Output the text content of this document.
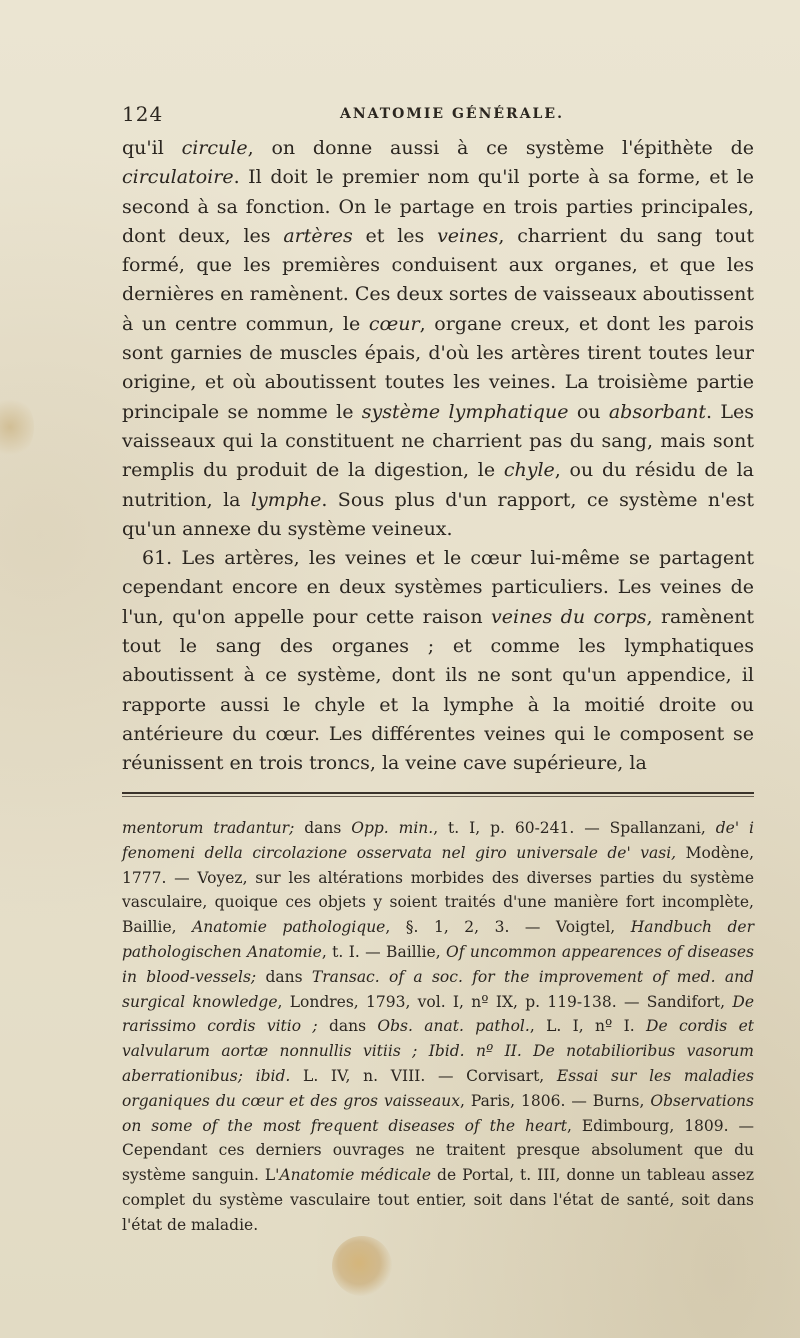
124	ANATOMIE GÉNÉRALE.

qu'il circule, on donne aussi à ce système l'épithète de circulatoire. Il doit le premier nom qu'il porte à sa forme, et le second à sa fonction. On le partage en trois parties principales, dont deux, les artères et les veines, charrient du sang tout formé, que les premières conduisent aux organes, et que les dernières en ramènent. Ces deux sortes de vaisseaux aboutissent à un centre commun, le cœur, organe creux, et dont les parois sont garnies de muscles épais, d'où les artères tirent toutes leur origine, et où aboutissent toutes les veines. La troisième partie principale se nomme le système lymphatique ou absorbant. Les vaisseaux qui la constituent ne charrient pas du sang, mais sont remplis du produit de la digestion, le chyle, ou du résidu de la nutrition, la lymphe. Sous plus d'un rapport, ce système n'est qu'un annexe du système veineux.

61. Les artères, les veines et le cœur lui-même se partagent cependant encore en deux systèmes particuliers. Les veines de l'un, qu'on appelle pour cette raison veines du corps, ramènent tout le sang des organes ; et comme les lymphatiques aboutissent à ce système, dont ils ne sont qu'un appendice, il rapporte aussi le chyle et la lymphe à la moitié droite ou antérieure du cœur. Les différentes veines qui le composent se réunissent en trois troncs, la veine cave supérieure, la

mentorum tradantur; dans Opp. min., t. I, p. 60-241. — Spallanzani, de' i fenomeni della circolazione osservata nel giro universale de' vasi, Modène, 1777. — Voyez, sur les altérations morbides des diverses parties du système vasculaire, quoique ces objets y soient traités d'une manière fort incomplète, Baillie, Anatomie pathologique, §. 1, 2, 3. — Voigtel, Handbuch der pathologischen Anatomie, t. I. — Baillie, Of uncommon appearences of diseases in blood-vessels; dans Transac. of a soc. for the improvement of med. and surgical knowledge, Londres, 1793, vol. I, nº IX, p. 119-138. — Sandifort, De rarissimo cordis vitio ; dans Obs. anat. pathol., L. I, nº I. De cordis et valvularum aortæ nonnullis vitiis ; Ibid. nº II. De notabilioribus vasorum aberrationibus; ibid. L. IV, n. VIII. — Corvisart, Essai sur les maladies organiques du cœur et des gros vaisseaux, Paris, 1806. — Burns, Observations on some of the most frequent diseases of the heart, Edimbourg, 1809. — Cependant ces derniers ouvrages ne traitent presque absolument que du système sanguin. L'Anatomie médicale de Portal, t. III, donne un tableau assez complet du système vasculaire tout entier, soit dans l'état de santé, soit dans l'état de maladie.
